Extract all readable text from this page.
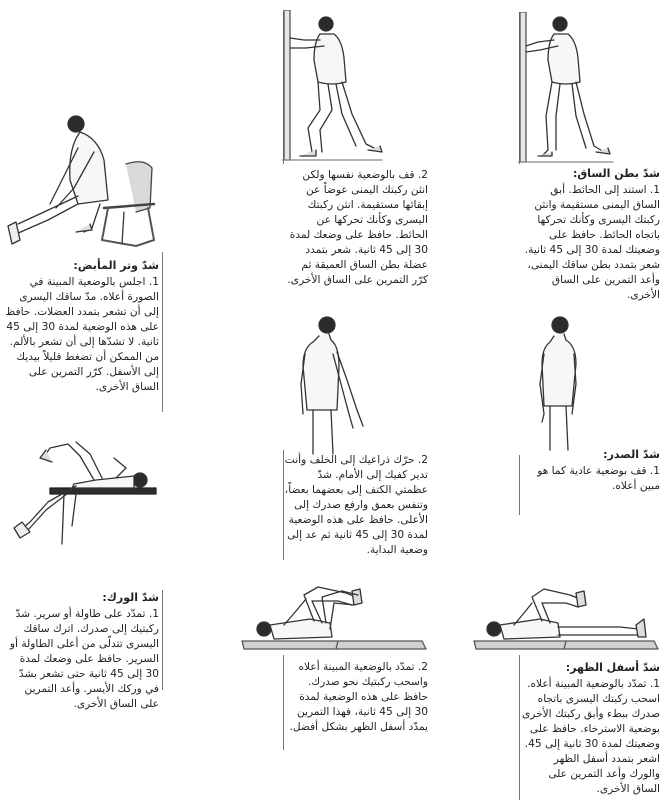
شدّ بطن الساق:

1. استند إلى الحائط. أبق الساق اليمنى مستقيمة وانثن ركبتك اليسرى وكأنك تحركها باتجاه الحائط. حافظ على وضعيتك لمدة 30 إلى 45 ثانية. شعر بتمدد بطن ساقك اليمنى، وأعد التمرين على الساق الأخرى.

2. قف بالوضعية نفسها ولكن انثن ركبتك اليمنى عوضاً عن إبقائها مستقيمة. انثن ركبتك اليسرى وكأنك تحركها عن الحائط. حافظ على وضعك لمدة 30 إلى 45 ثانية. شعر بتمدد عضلة بطن الساق العميقة ثم كرّر التمرين على الساق الأخرى.

شدّ وتر المأبض:

1. اجلس بالوضعية المبينة في الصورة أعلاه. مدّ ساقك اليسرى إلى أن تشعر بتمدد العضلات. حافظ على هذه الوضعية لمدة 30 إلى 45 ثانية. لا تشدّها إلى أن تشعر بالألم. من الممكن أن تضغط قليلاً بيديك إلى الأسفل. كرّر التمرين على الساق الأخرى.

شدّ الصدر:

1. قف بوضعية عادية كما هو مبين أعلاه.

2. حرّك ذراعيك إلى الخلف وأنت تدير كفيك إلى الأمام. شدّ عظمتي الكتف إلى بعضهما بعضاً، وتنفس بعمق وارفع صدرك إلى الأعلى. حافظ على هذه الوضعية لمدة 30 إلى 45 ثانية ثم عد إلى وضعية البداية.

شدّ الورك:

1. تمدّد على طاولة أو سرير. شدّ ركبتيك إلى صدرك. اترك ساقك اليسرى تتدلّى من أعلى الطاولة أو السرير. حافظ على وضعك لمدة 30 إلى 45 ثانية حتى تشعر بشدّ في وركك الأيسر. وأعد التمرين على الساق الأخرى.

شدّ أسفل الظهر:

1. تمدّد بالوضعية المبينة أعلاه. اسحب ركبتك اليسرى باتجاه صدرك ببطء وأبق ركبتك الأخرى بوضعية الاسترخاء. حافظ على وضعيتك لمدة 30 ثانية إلى 45. اشعر بتمدد أسفل الظهر والورك وأعد التمرين على الساق الأخرى.

2. تمدّد بالوضعية المبينة أعلاه واسحب ركبتيك نحو صدرك. حافظ على هذه الوضعية لمدة 30 إلى 45 ثانية، فهذا التمرين يمدّد أسفل الظهر بشكل أفضل.
